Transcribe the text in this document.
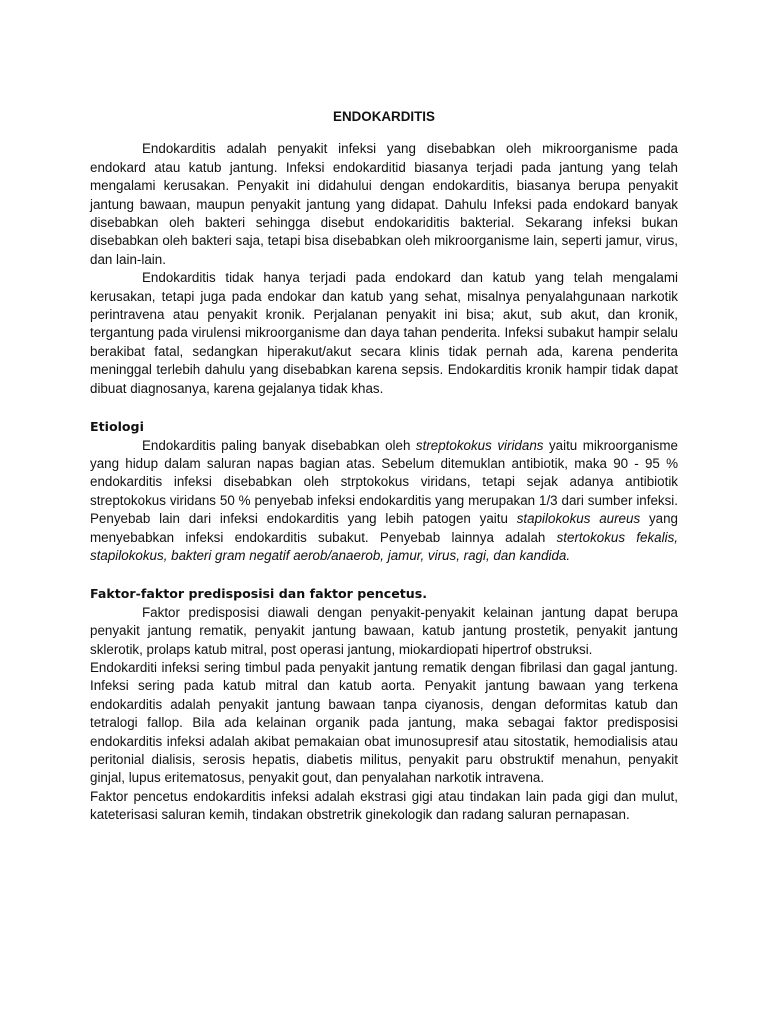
ENDOKARDITIS

Endokarditis adalah penyakit infeksi yang disebabkan oleh mikroorganisme pada endokard atau katub jantung. Infeksi endokarditid biasanya terjadi pada jantung yang telah mengalami kerusakan. Penyakit ini didahului dengan endokarditis, biasanya berupa penyakit jantung bawaan, maupun penyakit jantung yang didapat. Dahulu Infeksi pada endokard banyak disebabkan oleh bakteri sehingga disebut endokariditis bakterial. Sekarang infeksi bukan disebabkan oleh bakteri saja, tetapi bisa disebabkan oleh mikroorganisme lain, seperti jamur, virus, dan lain-lain.

Endokarditis tidak hanya terjadi pada endokard dan katub yang telah mengalami kerusakan, tetapi juga pada endokar dan katub yang sehat, misalnya penyalahgunaan narkotik perintravena atau penyakit kronik. Perjalanan penyakit ini bisa; akut, sub akut, dan kronik, tergantung pada virulensi mikroorganisme dan daya tahan penderita. Infeksi subakut hampir selalu berakibat fatal, sedangkan hiperakut/akut secara klinis tidak pernah ada, karena penderita meninggal terlebih dahulu yang disebabkan karena sepsis. Endokarditis kronik hampir tidak dapat dibuat diagnosanya, karena gejalanya tidak khas.

Etiologi

Endokarditis paling banyak disebabkan oleh streptokokus viridans yaitu mikroorganisme yang hidup dalam saluran napas bagian atas. Sebelum ditemuklan antibiotik, maka 90 - 95 % endokarditis infeksi disebabkan oleh strptokokus viridans, tetapi sejak adanya antibiotik streptokokus viridans 50 % penyebab infeksi endokarditis yang merupakan 1/3 dari sumber infeksi. Penyebab lain dari infeksi endokarditis yang lebih patogen yaitu stapilokokus aureus yang menyebabkan infeksi endokarditis subakut. Penyebab lainnya adalah stertokokus fekalis, stapilokokus, bakteri gram negatif aerob/anaerob, jamur, virus, ragi, dan kandida.

Faktor-faktor predisposisi dan faktor pencetus.

Faktor predisposisi diawali dengan penyakit-penyakit kelainan jantung dapat berupa penyakit jantung rematik, penyakit jantung bawaan, katub jantung prostetik, penyakit jantung sklerotik, prolaps katub mitral, post operasi jantung, miokardiopati hipertrof obstruksi.

Endokarditi infeksi sering timbul pada penyakit jantung rematik dengan fibrilasi dan gagal jantung. Infeksi sering pada katub mitral dan katub aorta. Penyakit jantung bawaan yang terkena endokarditis adalah penyakit jantung bawaan tanpa ciyanosis, dengan deformitas katub dan tetralogi fallop. Bila ada kelainan organik pada jantung, maka sebagai faktor predisposisi endokarditis infeksi adalah akibat pemakaian obat imunosupresif atau sitostatik, hemodialisis atau peritonial dialisis, serosis hepatis, diabetis militus, penyakit paru obstruktif menahun, penyakit ginjal, lupus eritematosus, penyakit gout, dan penyalahan narkotik intravena.

Faktor pencetus endokarditis infeksi adalah ekstrasi gigi atau tindakan lain pada gigi dan mulut, kateterisasi saluran kemih, tindakan obstretrik ginekologik dan radang saluran pernapasan.
